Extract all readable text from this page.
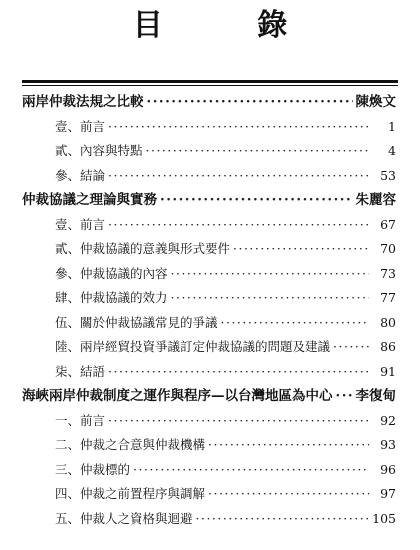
目 錄
兩岸仲裁法規之比較 ·····	陳煥文
壹、前言 ·····	1
貳、內容與特點 ·····	4
參、結論 ·····	53
仲裁協議之理論與實務 ·····	朱麗容
壹、前言 ·····	67
貳、仲裁協議的意義與形式要件 ·····	70
參、仲裁協議的內容 ·····	73
肆、仲裁協議的效力 ·····	77
伍、關於仲裁協議常見的爭議 ·····	80
陸、兩岸經貿投資爭議訂定仲裁協議的問題及建議 ·····	86
柒、結語 ·····	91
海峽兩岸仲裁制度之運作與程序—以台灣地區為中心 ····· 李復甸
一、前言 ·····	92
二、仲裁之合意與仲裁機構 ·····	93
三、仲裁標的 ·····	96
四、仲裁之前置程序與調解 ·····	97
五、仲裁人之資格與迴避 ·····	105
